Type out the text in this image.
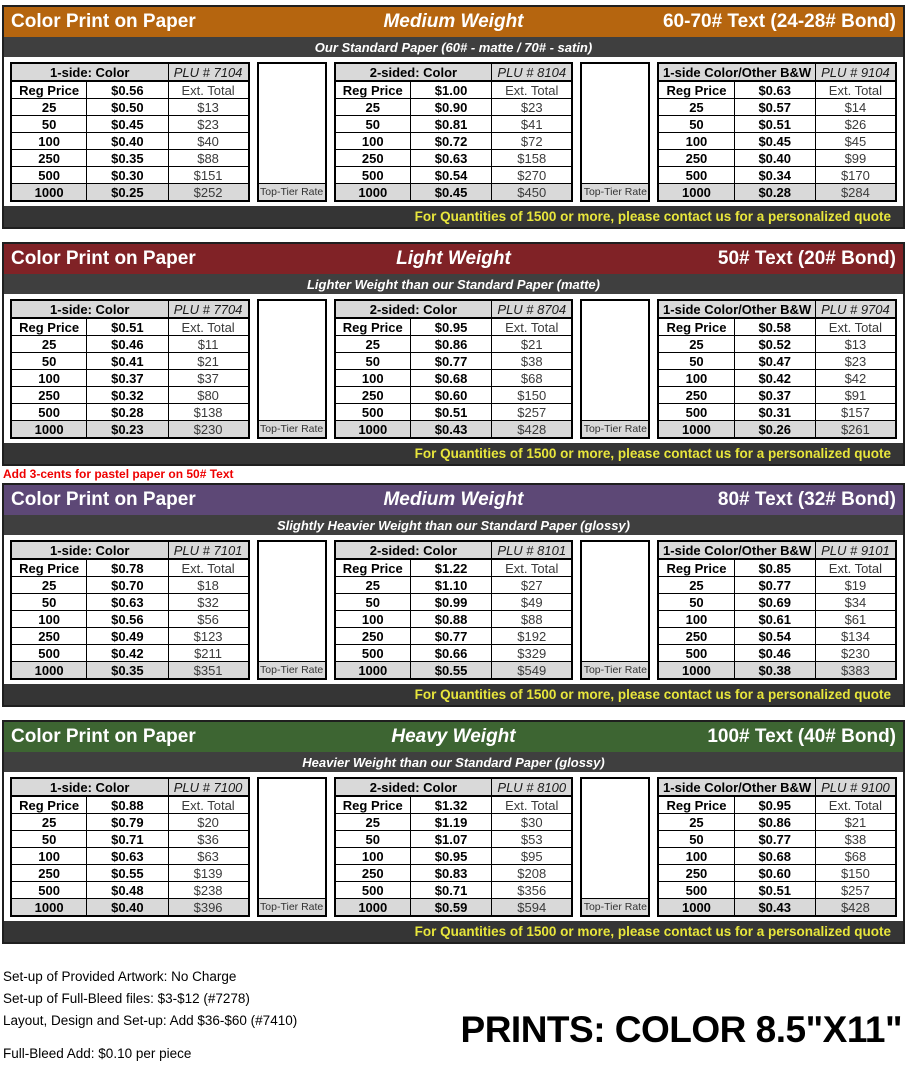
Color Print on Paper	Medium Weight	60-70# Text (24-28# Bond)
Our Standard Paper (60# - matte / 70# - satin)
1-side: Color	PLU # 7104
Reg Price	$0.56	Ext. Total
25	$0.50	$13
50	$0.45	$23
100	$0.40	$40
250	$0.35	$88
500	$0.30	$151
1000	$0.25	$252	Top-Tier Rate
2-sided: Color	PLU # 8104
Reg Price	$1.00	Ext. Total
25	$0.90	$23
50	$0.81	$41
100	$0.72	$72
250	$0.63	$158
500	$0.54	$270
1000	$0.45	$450	Top-Tier Rate
1-side Color/Other B&W PLU # 9104
Reg Price	$0.63	Ext. Total
25	$0.57	$14
50	$0.51	$26
100	$0.45	$45
250	$0.40	$99
500	$0.34	$170
1000	$0.28	$284
For Quantities of 1500 or more, please contact us for a personalized quote
Color Print on Paper	Light Weight	50# Text (20# Bond)
Lighter Weight than our Standard Paper (matte)
1-side: Color	PLU # 7704
Reg Price	$0.51	Ext. Total
25	$0.46	$11
50	$0.41	$21
100	$0.37	$37
250	$0.32	$80
500	$0.28	$138
1000	$0.23	$230	Top-Tier Rate
2-sided: Color	PLU # 8704
Reg Price	$0.95	Ext. Total
25	$0.86	$21
50	$0.77	$38
100	$0.68	$68
250	$0.60	$150
500	$0.51	$257
1000	$0.43	$428	Top-Tier Rate
1-side Color/Other B&W PLU # 9704
Reg Price	$0.58	Ext. Total
25	$0.52	$13
50	$0.47	$23
100	$0.42	$42
250	$0.37	$91
500	$0.31	$157
1000	$0.26	$261
For Quantities of 1500 or more, please contact us for a personalized quote
Add 3-cents for pastel paper on 50# Text
Color Print on Paper	Medium Weight	80# Text (32# Bond)
Slightly Heavier Weight than our Standard Paper (glossy)
1-side: Color	PLU # 7101
Reg Price	$0.78	Ext. Total
25	$0.70	$18
50	$0.63	$32
100	$0.56	$56
250	$0.49	$123
500	$0.42	$211
1000	$0.35	$351	Top-Tier Rate
2-sided: Color	PLU # 8101
Reg Price	$1.22	Ext. Total
25	$1.10	$27
50	$0.99	$49
100	$0.88	$88
250	$0.77	$192
500	$0.66	$329
1000	$0.55	$549	Top-Tier Rate
1-side Color/Other B&W PLU # 9101
Reg Price	$0.85	Ext. Total
25	$0.77	$19
50	$0.69	$34
100	$0.61	$61
250	$0.54	$134
500	$0.46	$230
1000	$0.38	$383
For Quantities of 1500 or more, please contact us for a personalized quote
Color Print on Paper	Heavy Weight	100# Text (40# Bond)
Heavier Weight than our Standard Paper (glossy)
1-side: Color	PLU # 7100
Reg Price	$0.88	Ext. Total
25	$0.79	$20
50	$0.71	$36
100	$0.63	$63
250	$0.55	$139
500	$0.48	$238
1000	$0.40	$396	Top-Tier Rate
2-sided: Color	PLU # 8100
Reg Price	$1.32	Ext. Total
25	$1.19	$30
50	$1.07	$53
100	$0.95	$95
250	$0.83	$208
500	$0.71	$356
1000	$0.59	$594	Top-Tier Rate
1-side Color/Other B&W PLU # 9100
Reg Price	$0.95	Ext. Total
25	$0.86	$21
50	$0.77	$38
100	$0.68	$68
250	$0.60	$150
500	$0.51	$257
1000	$0.43	$428
For Quantities of 1500 or more, please contact us for a personalized quote
Set-up of Provided Artwork: No Charge
Set-up of Full-Bleed files: $3-$12 (#7278)
Layout, Design and Set-up: Add $36-$60 (#7410)
Full-Bleed Add: $0.10 per piece
PRINTS: COLOR 8.5"X11"
